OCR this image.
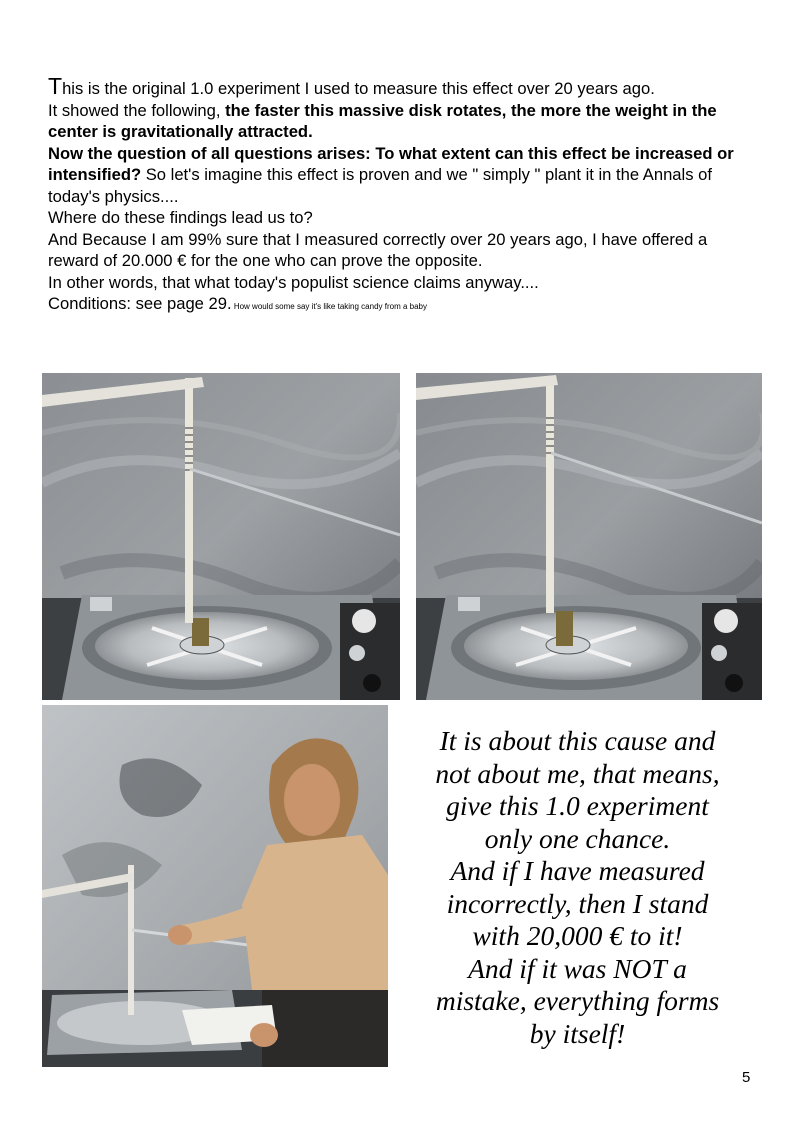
This is the original 1.0 experiment I used to measure this effect over 20 years ago.

It showed the following, the faster this massive disk rotates, the more the weight in the center is gravitationally attracted.

Now the question of all questions arises: To what extent can this effect be increased or intensified? So let's imagine this effect is proven and we " simply " plant it in the Annals of today's physics....

Where do these findings lead us to?

And Because I am 99% sure that I measured correctly over 20 years ago, I have offered a reward of 20.000 € for the one who can prove the opposite.

In other words, that what today's populist science claims anyway....

Conditions: see page 29. How would some say it's like taking candy from a baby

It is about this cause and

not about me, that means,

give this 1.0 experiment

only one chance.

And if I have measured

incorrectly, then I stand

with 20,000 € to it!

And if it was NOT a

mistake, everything forms

by itself!

5
